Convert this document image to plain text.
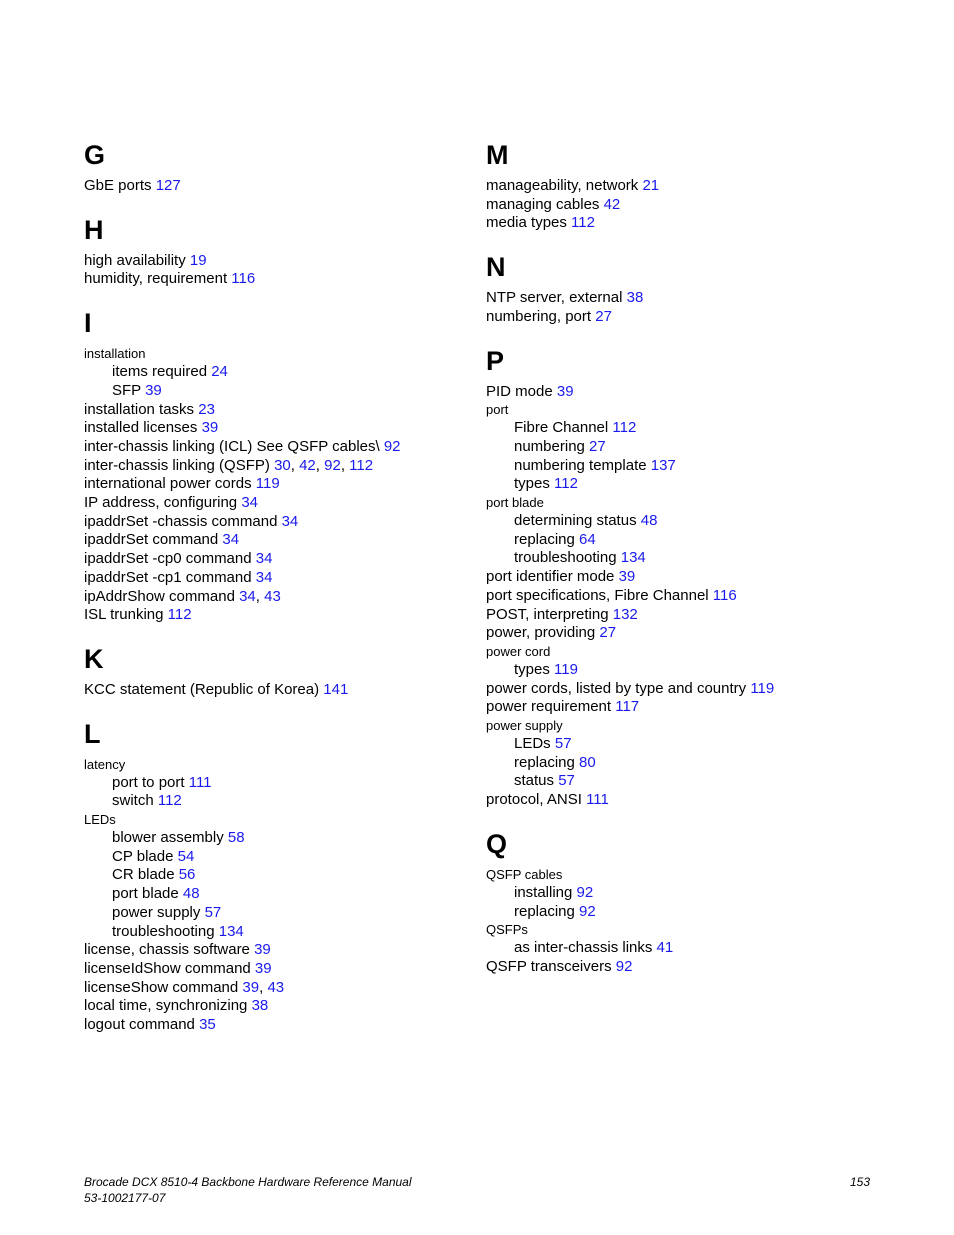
G
GbE ports 127
H
high availability 19
humidity, requirement 116
I
installation
items required 24
SFP 39
installation tasks 23
installed licenses 39
inter-chassis linking (ICL) See QSFP cables\ 92
inter-chassis linking (QSFP) 30, 42, 92, 112
international power cords 119
IP address, configuring 34
ipaddrSet -chassis command 34
ipaddrSet command 34
ipaddrSet -cp0 command 34
ipaddrSet -cp1 command 34
ipAddrShow command 34, 43
ISL trunking 112
K
KCC statement (Republic of Korea) 141
L
latency
port to port 111
switch 112
LEDs
blower assembly 58
CP blade 54
CR blade 56
port blade 48
power supply 57
troubleshooting 134
license, chassis software 39
licenseIdShow command 39
licenseShow command 39, 43
local time, synchronizing 38
logout command 35
M
manageability, network 21
managing cables 42
media types 112
N
NTP server, external 38
numbering, port 27
P
PID mode 39
port
Fibre Channel 112
numbering 27
numbering template 137
types 112
port blade
determining status 48
replacing 64
troubleshooting 134
port identifier mode 39
port specifications, Fibre Channel 116
POST, interpreting 132
power, providing 27
power cord
types 119
power cords, listed by type and country 119
power requirement 117
power supply
LEDs 57
replacing 80
status 57
protocol, ANSI 111
Q
QSFP cables
installing 92
replacing 92
QSFPs
as inter-chassis links 41
QSFP transceivers 92
Brocade DCX 8510-4 Backbone Hardware Reference Manual
53-1002177-07
153
